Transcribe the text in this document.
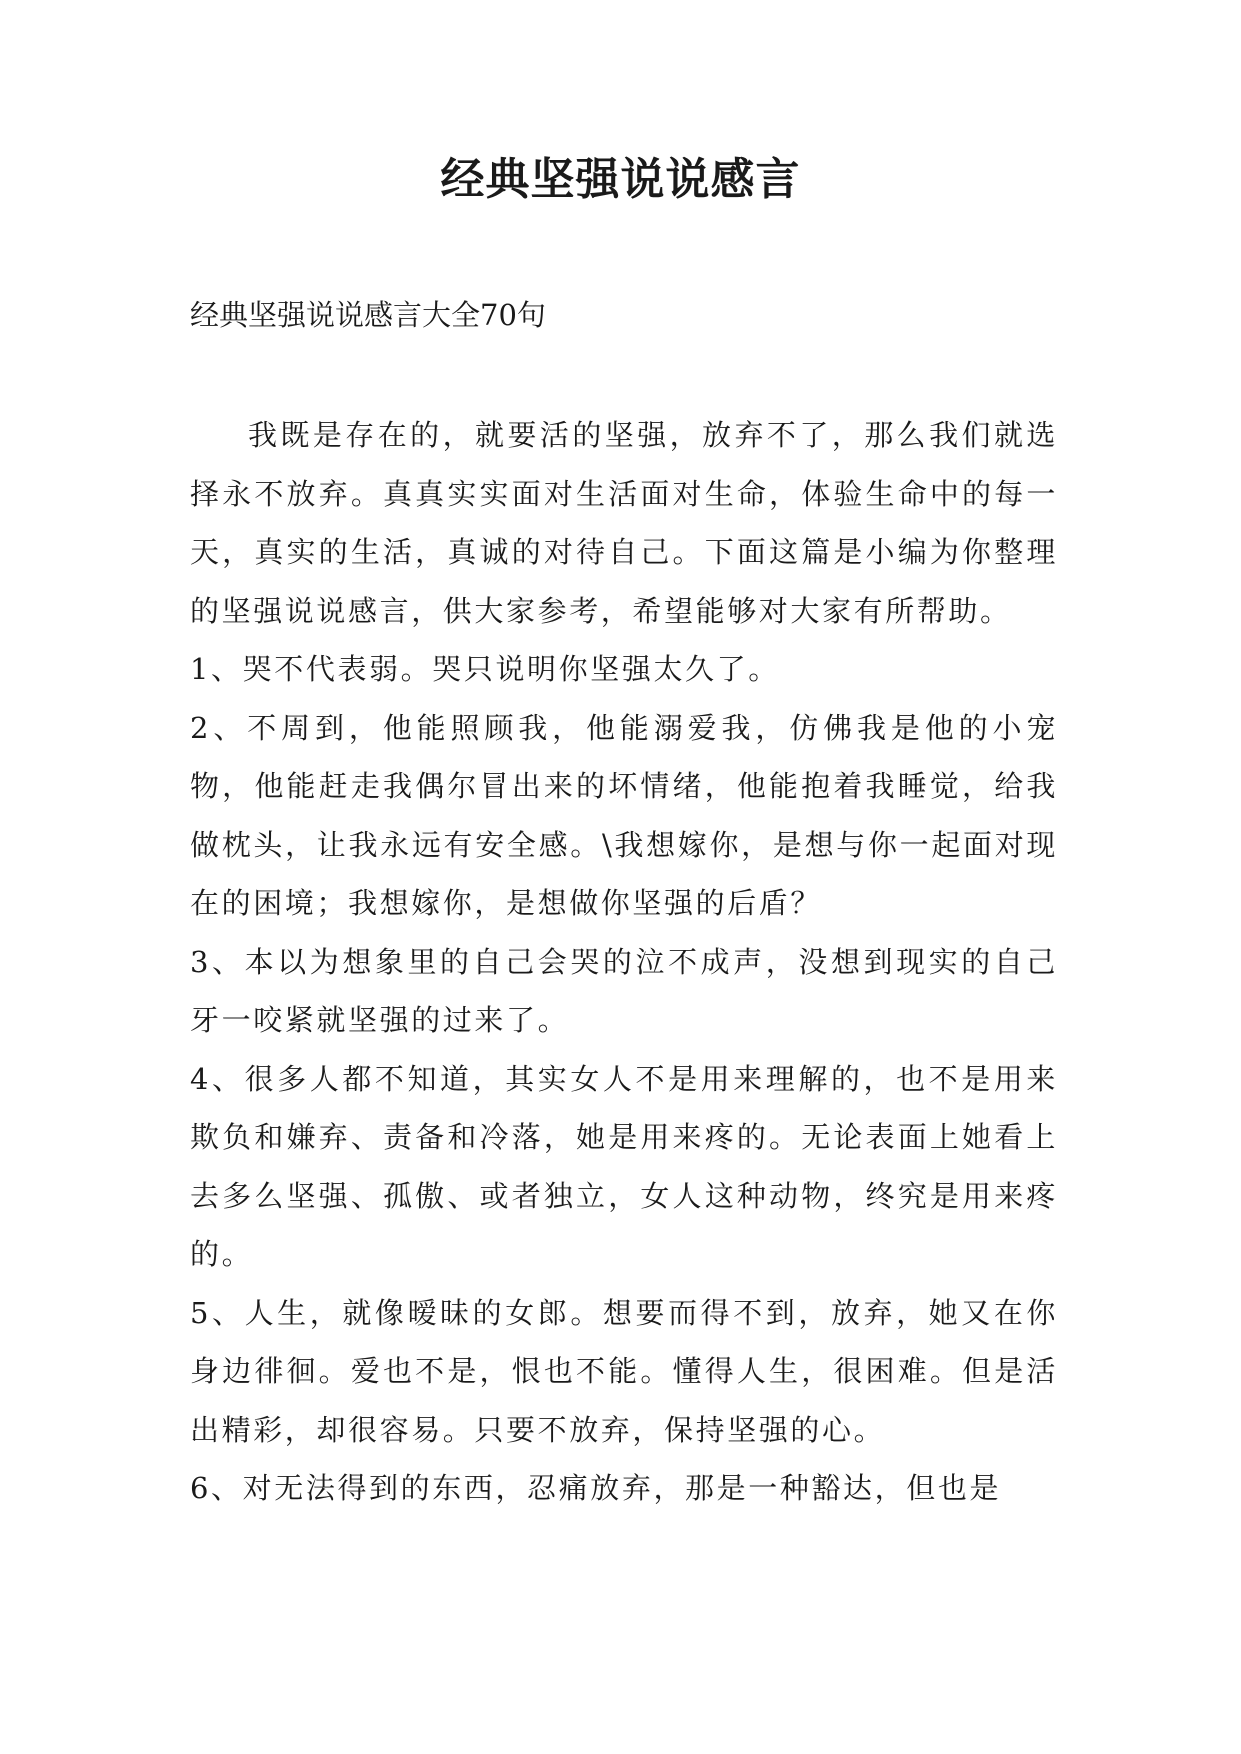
经典坚强说说感言

经典坚强说说感言大全70句

我既是存在的，就要活的坚强，放弃不了，那么我们就选择永不放弃。真真实实面对生活面对生命，体验生命中的每一天，真实的生活，真诚的对待自己。下面这篇是小编为你整理的坚强说说感言，供大家参考，希望能够对大家有所帮助。

1、哭不代表弱。哭只说明你坚强太久了。

2、不周到，他能照顾我，他能溺爱我，仿佛我是他的小宠物，他能赶走我偶尔冒出来的坏情绪，他能抱着我睡觉，给我做枕头，让我永远有安全感。\我想嫁你，是想与你一起面对现在的困境；我想嫁你，是想做你坚强的后盾？

3、本以为想象里的自己会哭的泣不成声，没想到现实的自己牙一咬紧就坚强的过来了。

4、很多人都不知道，其实女人不是用来理解的，也不是用来欺负和嫌弃、责备和冷落，她是用来疼的。无论表面上她看上去多么坚强、孤傲、或者独立，女人这种动物，终究是用来疼的。

5、人生，就像暧昧的女郎。想要而得不到，放弃，她又在你身边徘徊。爱也不是，恨也不能。懂得人生，很困难。但是活出精彩，却很容易。只要不放弃，保持坚强的心。

6、对无法得到的东西，忍痛放弃，那是一种豁达，但也是
